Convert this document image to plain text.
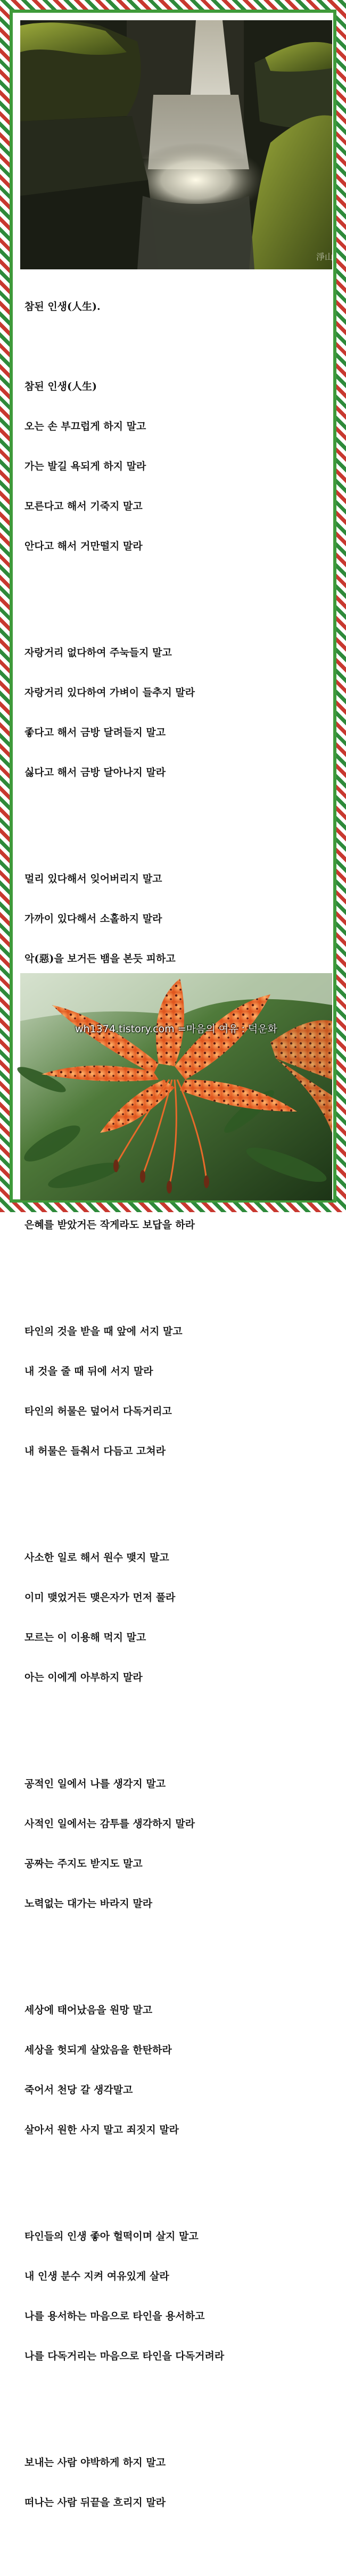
淨山

참된 인생(人生).

참된 인생(人生)

오는 손 부끄럽게 하지 말고

가는 발길 욕되게 하지 말라

모른다고 해서 기죽지 말고

안다고 해서 거만떨지 말라

자랑거리 없다하여 주눅들지 말고

자랑거리 있다하여 가벼이 들추지 말라

좋다고 해서 금방 달려들지 말고

싫다고 해서 금방 달아나지 말라

멀리 있다해서 잊어버리지 말고

가까이 있다해서 소홀하지 말라

악(惡)을 보거든 뱀을 본듯 피하고

은혜를 받았거든 작게라도 보답을 하라

타인의 것을 받을 때 앞에 서지 말고

내 것을 줄 때 뒤에 서지 말라

타인의 허물은 덮어서 다독거리고

내 허물은 들춰서 다듬고 고쳐라

사소한 일로 해서 원수 맺지 말고

이미 맺었거든 맺은자가 먼저 풀라

모르는 이 이용해 먹지 말고

아는 이에게 아부하지 말라

공적인 일에서 나를 생각지 말고

사적인 일에서는 감투를 생각하지 말라

공짜는 주지도 받지도 말고

노력없는 대가는 바라지 말라

세상에 태어났음을 원망 말고

세상을 헛되게 살았음을 한탄하라

죽어서 천당 갈 생각말고

살아서 원한 사지 말고 죄짓지 말라

타인들의 인생 좋아 헐떡이며 살지 말고

내 인생 분수 지켜 여유있게 살라

나를 용서하는 마음으로 타인을 용서하고

나를 다독거리는 마음으로 타인을 다독거려라

보내는 사람 야박하게 하지 말고

떠나는 사람 뒤끝을 흐리지 말라

wh1374.tistory.com =마음의 여유 : 덕운화
